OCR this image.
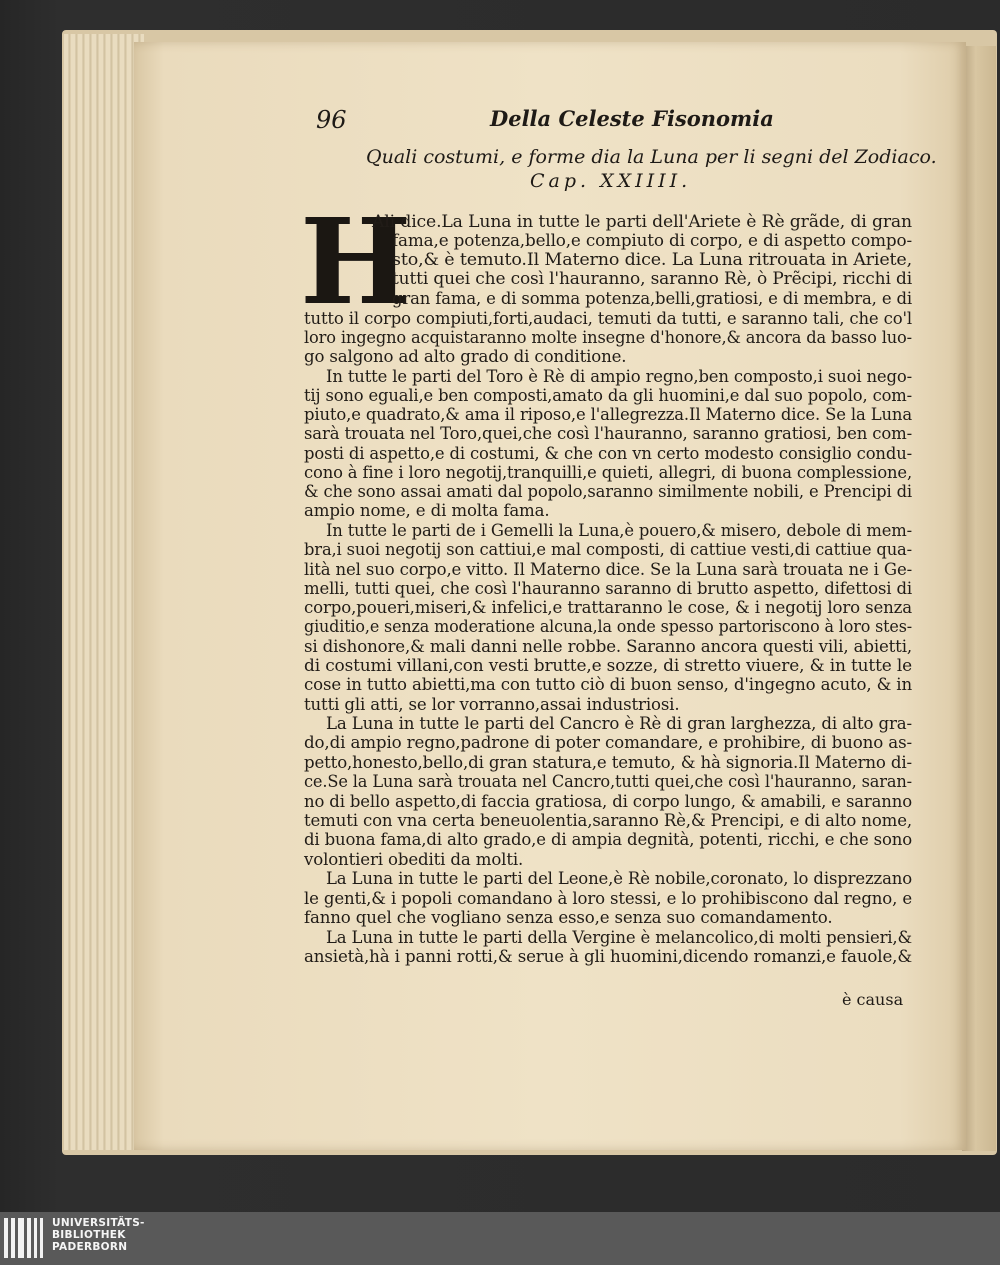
96	Della Celeste Fisonomia
Quali costumi, e forme dia la Luna per li segni del Zodiaco.
Cap. XXIIII.
H
Ali dice.La Luna in tutte le parti dell'Ariete è Rè grãde, di gran
fama,e potenza,bello,e compiuto di corpo, e di aspetto compo-
sto,& è temuto.Il Materno dice. La Luna ritrouata in Ariete,
tutti quei che così l'hauranno, saranno Rè, ò Prẽcipi, ricchi di
gran fama, e di somma potenza,belli,gratiosi, e di membra, e di
tutto il corpo compiuti,forti,audaci, temuti da tutti, e saranno tali, che co'l
loro ingegno acquistaranno molte insegne d'honore,& ancora da basso luo-
go salgono ad alto grado di conditione.
In tutte le parti del Toro è Rè di ampio regno,ben composto,i suoi nego-
tij sono eguali,e ben composti,amato da gli huomini,e dal suo popolo, com-
piuto,e quadrato,& ama il riposo,e l'allegrezza.Il Materno dice. Se la Luna
sarà trouata nel Toro,quei,che così l'hauranno, saranno gratiosi, ben com-
posti di aspetto,e di costumi, & che con vn certo modesto consiglio condu-
cono à fine i loro negotij,tranquilli,e quieti, allegri, di buona complessione,
& che sono assai amati dal popolo,saranno similmente nobili, e Prencipi di
ampio nome, e di molta fama.
In tutte le parti de i Gemelli la Luna,è pouero,& misero, debole di mem-
bra,i suoi negotij son cattiui,e mal composti, di cattiue vesti,di cattiue qua-
lità nel suo corpo,e vitto. Il Materno dice. Se la Luna sarà trouata ne i Ge-
melli, tutti quei, che così l'hauranno saranno di brutto aspetto, difettosi di
corpo,poueri,miseri,& infelici,e trattaranno le cose, & i negotij loro senza
giuditio,e senza moderatione alcuna,la onde spesso partoriscono à loro stes-
si dishonore,& mali danni nelle robbe. Saranno ancora questi vili, abietti,
di costumi villani,con vesti brutte,e sozze, di stretto viuere, & in tutte le
cose in tutto abietti,ma con tutto ciò di buon senso, d'ingegno acuto, & in
tutti gli atti, se lor vorranno,assai industriosi.
La Luna in tutte le parti del Cancro è Rè di gran larghezza, di alto gra-
do,di ampio regno,padrone di poter comandare, e prohibire, di buono as-
petto,honesto,bello,di gran statura,e temuto, & hà signoria.Il Materno di-
ce.Se la Luna sarà trouata nel Cancro,tutti quei,che così l'hauranno, saran-
no di bello aspetto,di faccia gratiosa, di corpo lungo, & amabili, e saranno
temuti con vna certa beneuolentia,saranno Rè,& Prencipi, e di alto nome,
di buona fama,di alto grado,e di ampia degnità, potenti, ricchi, e che sono
volontieri obediti da molti.
La Luna in tutte le parti del Leone,è Rè nobile,coronato, lo disprezzano
le genti,& i popoli comandano à loro stessi, e lo prohibiscono dal regno, e
fanno quel che vogliano senza esso,e senza suo comandamento.
La Luna in tutte le parti della Vergine è melancolico,di molti pensieri,&
ansietà,hà i panni rotti,& serue à gli huomini,dicendo romanzi,e fauole,&
è causa
UNIVERSITÄTS-
BIBLIOTHEK
PADERBORN
